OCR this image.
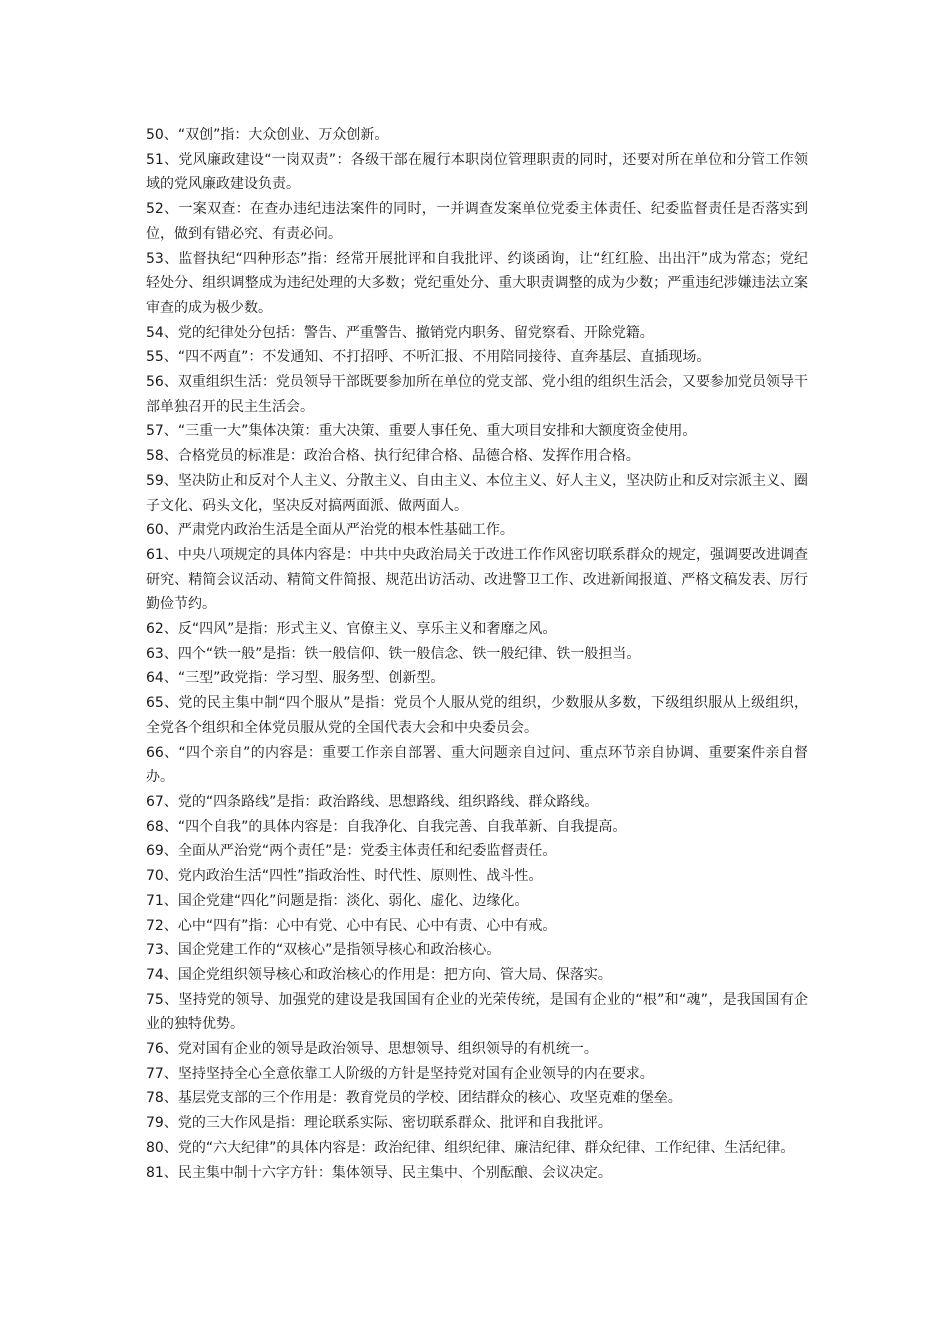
50、“双创”指：大众创业、万众创新。

51、党风廉政建设“一岗双责”：各级干部在履行本职岗位管理职责的同时，还要对所在单位和分管工作领域的党风廉政建设负责。

52、一案双查：在查办违纪违法案件的同时，一并调查发案单位党委主体责任、纪委监督责任是否落实到位，做到有错必究、有责必问。

53、监督执纪“四种形态”指：经常开展批评和自我批评、约谈函询，让“红红脸、出出汗”成为常态；党纪轻处分、组织调整成为违纪处理的大多数；党纪重处分、重大职责调整的成为少数；严重违纪涉嫌违法立案审查的成为极少数。

54、党的纪律处分包括：警告、严重警告、撤销党内职务、留党察看、开除党籍。

55、“四不两直”：不发通知、不打招呼、不听汇报、不用陪同接待、直奔基层、直插现场。

56、双重组织生活：党员领导干部既要参加所在单位的党支部、党小组的组织生活会，又要参加党员领导干部单独召开的民主生活会。

57、“三重一大”集体决策：重大决策、重要人事任免、重大项目安排和大额度资金使用。

58、合格党员的标准是：政治合格、执行纪律合格、品德合格、发挥作用合格。

59、坚决防止和反对个人主义、分散主义、自由主义、本位主义、好人主义，坚决防止和反对宗派主义、圈子文化、码头文化，坚决反对搞两面派、做两面人。

60、严肃党内政治生活是全面从严治党的根本性基础工作。

61、中央八项规定的具体内容是：中共中央政治局关于改进工作作风密切联系群众的规定，强调要改进调查研究、精简会议活动、精简文件简报、规范出访活动、改进警卫工作、改进新闻报道、严格文稿发表、厉行勤俭节约。

62、反“四风”是指：形式主义、官僚主义、享乐主义和奢靡之风。

63、四个“铁一般”是指：铁一般信仰、铁一般信念、铁一般纪律、铁一般担当。

64、“三型”政党指：学习型、服务型、创新型。

65、党的民主集中制“四个服从”是指：党员个人服从党的组织，少数服从多数，下级组织服从上级组织，全党各个组织和全体党员服从党的全国代表大会和中央委员会。

66、“四个亲自”的内容是：重要工作亲自部署、重大问题亲自过问、重点环节亲自协调、重要案件亲自督办。

67、党的“四条路线”是指：政治路线、思想路线、组织路线、群众路线。

68、“四个自我”的具体内容是：自我净化、自我完善、自我革新、自我提高。

69、全面从严治党“两个责任”是：党委主体责任和纪委监督责任。

70、党内政治生活“四性”指政治性、时代性、原则性、战斗性。

71、国企党建“四化”问题是指：淡化、弱化、虚化、边缘化。

72、心中“四有”指：心中有党、心中有民、心中有责、心中有戒。

73、国企党建工作的“双核心”是指领导核心和政治核心。

74、国企党组织领导核心和政治核心的作用是：把方向、管大局、保落实。

75、坚持党的领导、加强党的建设是我国国有企业的光荣传统，是国有企业的“根”和“魂”，是我国国有企业的独特优势。

76、党对国有企业的领导是政治领导、思想领导、组织领导的有机统一。

77、坚持坚持全心全意依靠工人阶级的方针是坚持党对国有企业领导的内在要求。

78、基层党支部的三个作用是：教育党员的学校、团结群众的核心、攻坚克难的堡垒。

79、党的三大作风是指：理论联系实际、密切联系群众、批评和自我批评。

80、党的“六大纪律”的具体内容是：政治纪律、组织纪律、廉洁纪律、群众纪律、工作纪律、生活纪律。

81、民主集中制十六字方针：集体领导、民主集中、个别酝酿、会议决定。
